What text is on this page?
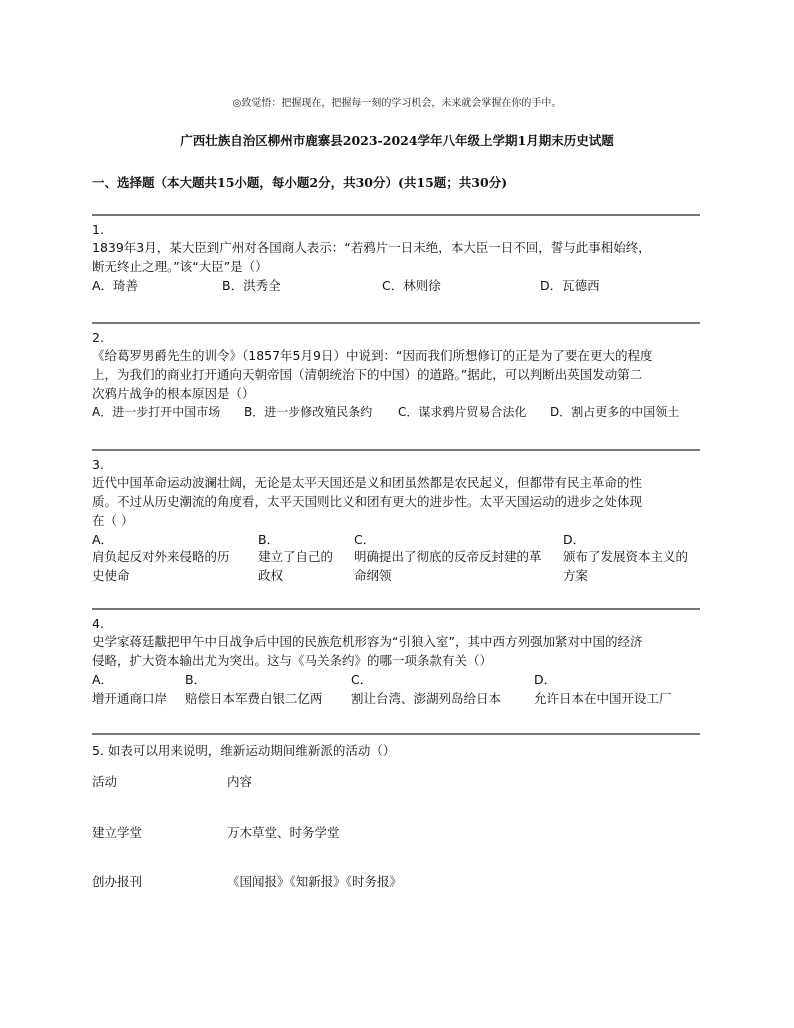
◎致觉悟：把握现在，把握每一刻的学习机会，未来就会掌握在你的手中。
广西壮族自治区柳州市鹿寨县2023-2024学年八年级上学期1月期末历史试题
一、选择题（本大题共15小题，每小题2分，共30分）(共15题；共30分)
1.
1839年3月，某大臣到广州对各国商人表示：“若鸦片一日未绝，本大臣一日不回，誓与此事相始终，
断无终止之理。”该“大臣”是（）
A．琦善	B．洪秀全	C．林则徐	D．瓦德西
2.
《给葛罗男爵先生的训令》（1857年5月9日）中说到：“因而我们所想修订的正是为了要在更大的程度
上，为我们的商业打开通向天朝帝国（清朝统治下的中国）的道路。”据此，可以判断出英国发动第二
次鸦片战争的根本原因是（）
A．进一步打开中国市场	B．进一步修改殖民条约	C．谋求鸦片贸易合法化	D．割占更多的中国领土
3.
近代中国革命运动波澜壮阔，无论是太平天国还是义和团虽然都是农民起义，但都带有民主革命的性
质。不过从历史潮流的角度看，太平天国则比义和团有更大的进步性。太平天国运动的进步之处体现
在（ ）
A．
肩负起反对外来侵略的历
史使命
B．
建立了自己的
政权
C．
明确提出了彻底的反帝反封建的革
命纲领
D．
颁布了发展资本主义的
方案
4.
史学家蒋廷黻把甲午中日战争后中国的民族危机形容为“引狼入室”，其中西方列强加紧对中国的经济
侵略，扩大资本输出尤为突出。这与《马关条约》的哪一项条款有关（）
A．
增开通商口岸
B．
赔偿日本军费白银二亿两
C．
割让台湾、澎湖列岛给日本
D．
允许日本在中国开设工厂
5. 如表可以用来说明，维新运动期间维新派的活动（）
活动	内容
建立学堂	万木草堂、时务学堂
创办报刊	《国闻报》《知新报》《时务报》
